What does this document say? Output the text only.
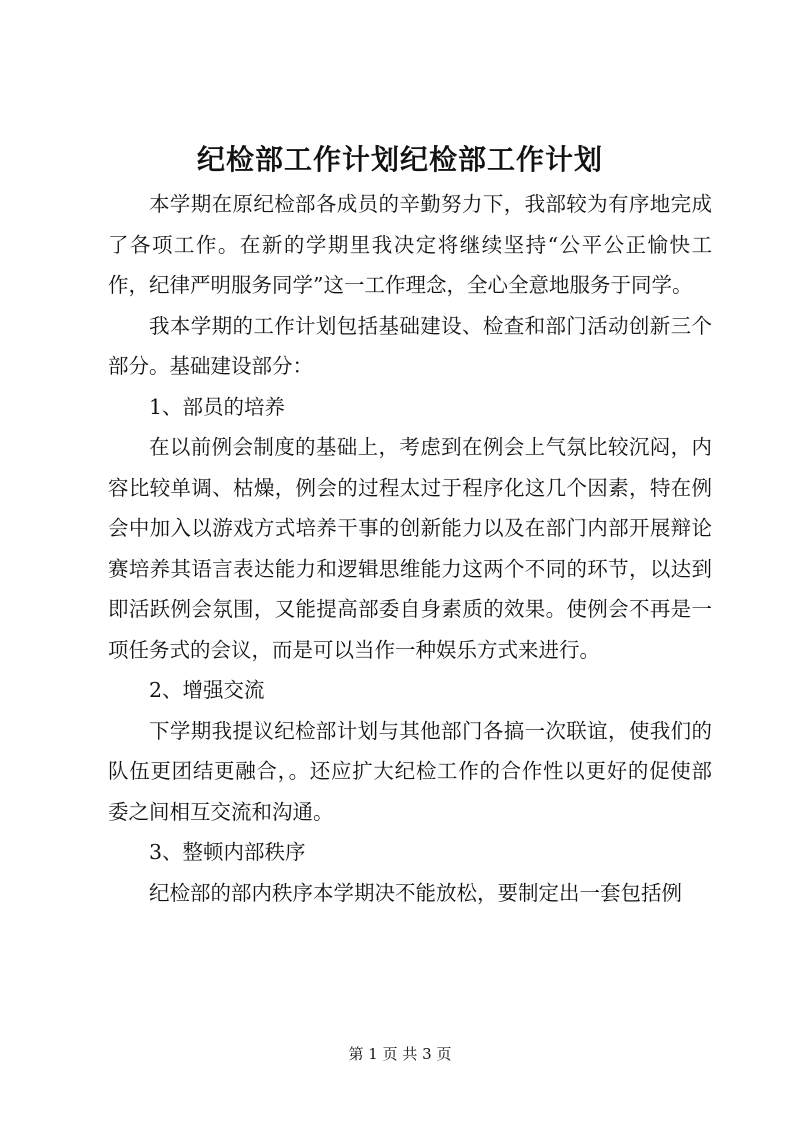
纪检部工作计划纪检部工作计划

本学期在原纪检部各成员的辛勤努力下，我部较为有序地完成了各项工作。在新的学期里我决定将继续坚持“公平公正愉快工作，纪律严明服务同学”这一工作理念，全心全意地服务于同学。

我本学期的工作计划包括基础建设、检查和部门活动创新三个部分。基础建设部分：

1、部员的培养

在以前例会制度的基础上，考虑到在例会上气氛比较沉闷，内容比较单调、枯燥，例会的过程太过于程序化这几个因素，特在例会中加入以游戏方式培养干事的创新能力以及在部门内部开展辩论赛培养其语言表达能力和逻辑思维能力这两个不同的环节，以达到即活跃例会氛围，又能提高部委自身素质的效果。使例会不再是一项任务式的会议，而是可以当作一种娱乐方式来进行。

2、增强交流

下学期我提议纪检部计划与其他部门各搞一次联谊，使我们的队伍更团结更融合，。还应扩大纪检工作的合作性以更好的促使部委之间相互交流和沟通。

3、整顿内部秩序

纪检部的部内秩序本学期决不能放松，要制定出一套包括例

第 1 页 共 3 页
